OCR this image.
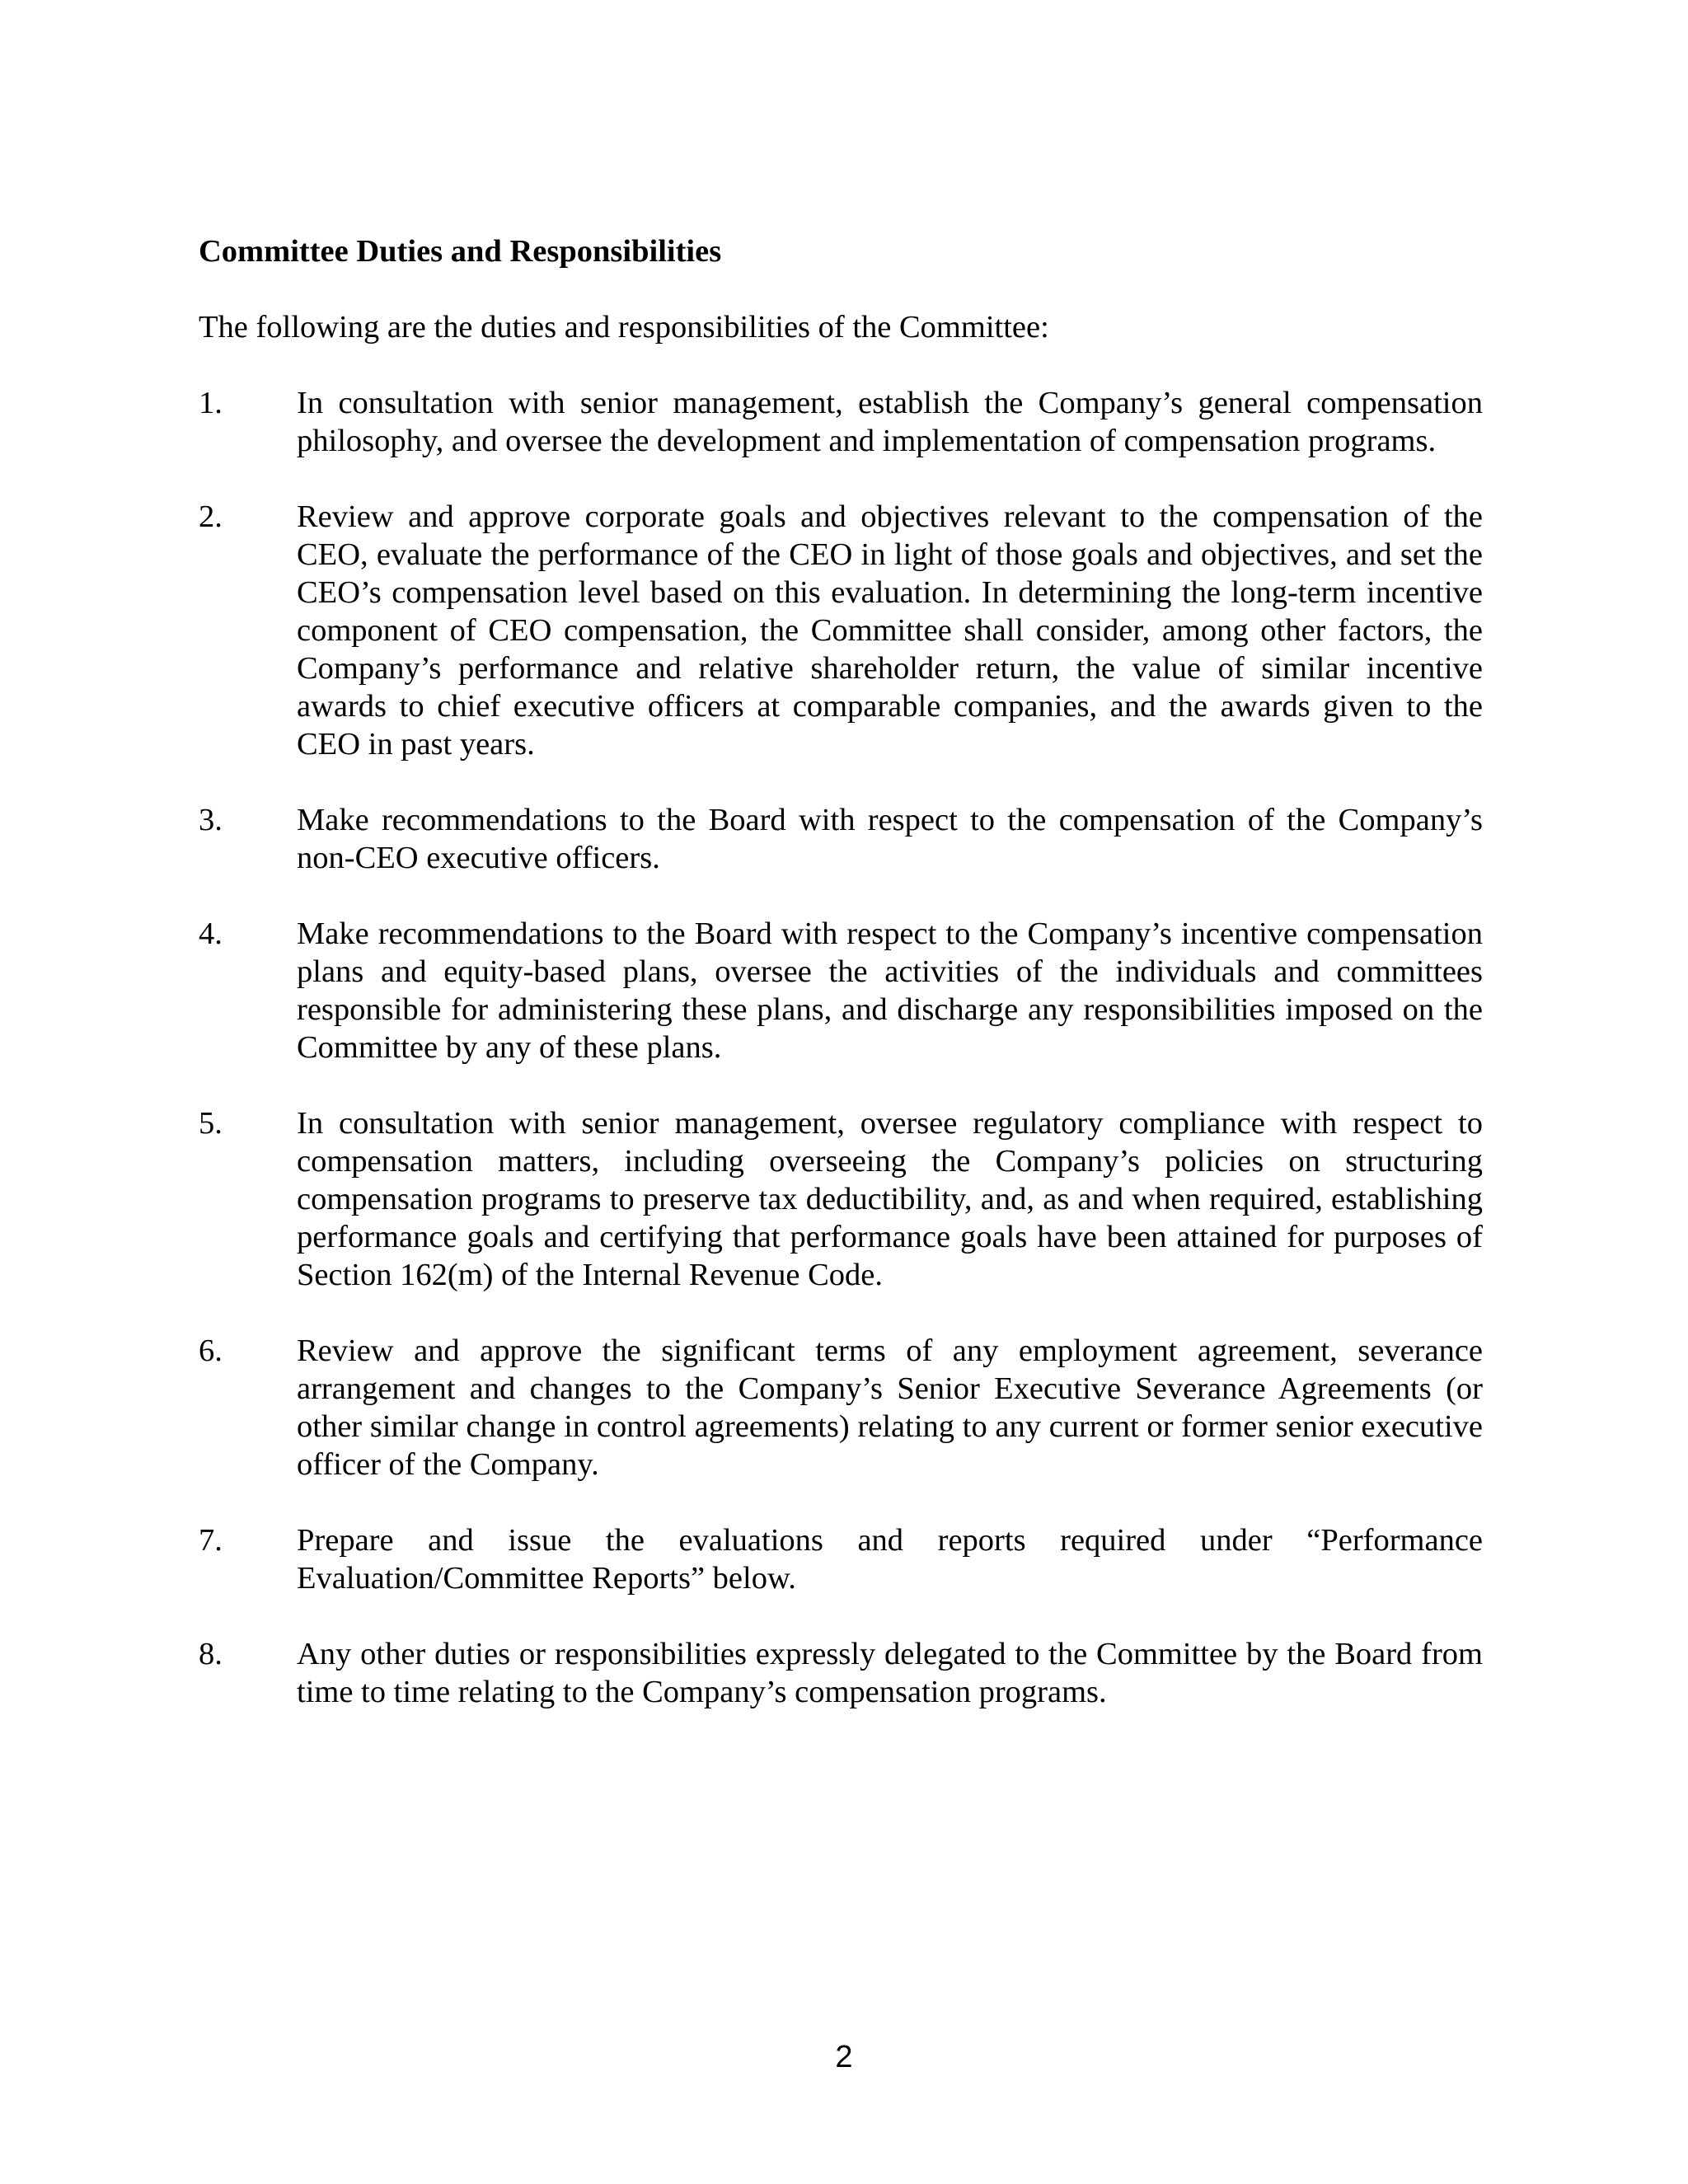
Committee Duties and Responsibilities
The following are the duties and responsibilities of the Committee:
1.	In consultation with senior management, establish the Company’s general compensation philosophy, and oversee the development and implementation of compensation programs.
2.	Review and approve corporate goals and objectives relevant to the compensation of the CEO, evaluate the performance of the CEO in light of those goals and objectives, and set the CEO’s compensation level based on this evaluation. In determining the long-term incentive component of CEO compensation, the Committee shall consider, among other factors, the Company’s performance and relative shareholder return, the value of similar incentive awards to chief executive officers at comparable companies, and the awards given to the CEO in past years.
3.	Make recommendations to the Board with respect to the compensation of the Company’s non-CEO executive officers.
4.	Make recommendations to the Board with respect to the Company’s incentive compensation plans and equity-based plans, oversee the activities of the individuals and committees responsible for administering these plans, and discharge any responsibilities imposed on the Committee by any of these plans.
5.	In consultation with senior management, oversee regulatory compliance with respect to compensation matters, including overseeing the Company’s policies on structuring compensation programs to preserve tax deductibility, and, as and when required, establishing performance goals and certifying that performance goals have been attained for purposes of Section 162(m) of the Internal Revenue Code.
6.	Review and approve the significant terms of any employment agreement, severance arrangement and changes to the Company’s Senior Executive Severance Agreements (or other similar change in control agreements) relating to any current or former senior executive officer of the Company.
7.	Prepare and issue the evaluations and reports required under “Performance Evaluation/Committee Reports” below.
8.	Any other duties or responsibilities expressly delegated to the Committee by the Board from time to time relating to the Company’s compensation programs.
2
